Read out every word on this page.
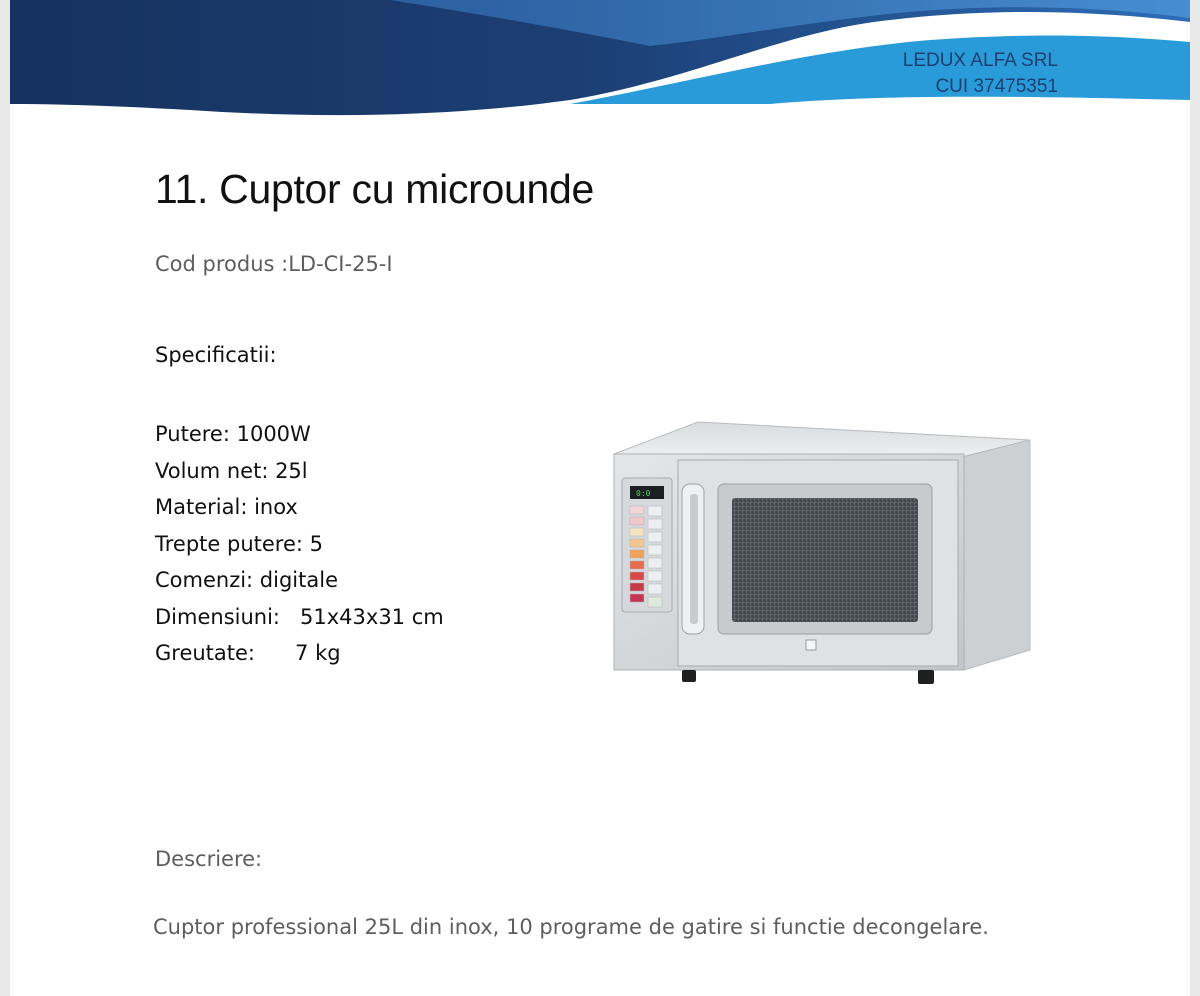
LEDUX ALFA SRL
CUI 37475351
11. Cuptor cu microunde
Cod produs :LD-CI-25-I
Specificatii:
Putere: 1000W
Volum net: 25l
Material: inox
Trepte putere: 5
Comenzi: digitale
Dimensiuni:   51x43x31 cm
Greutate:      7 kg
0:0
Descriere:
Cuptor professional 25L din inox, 10 programe de gatire si functie decongelare.
